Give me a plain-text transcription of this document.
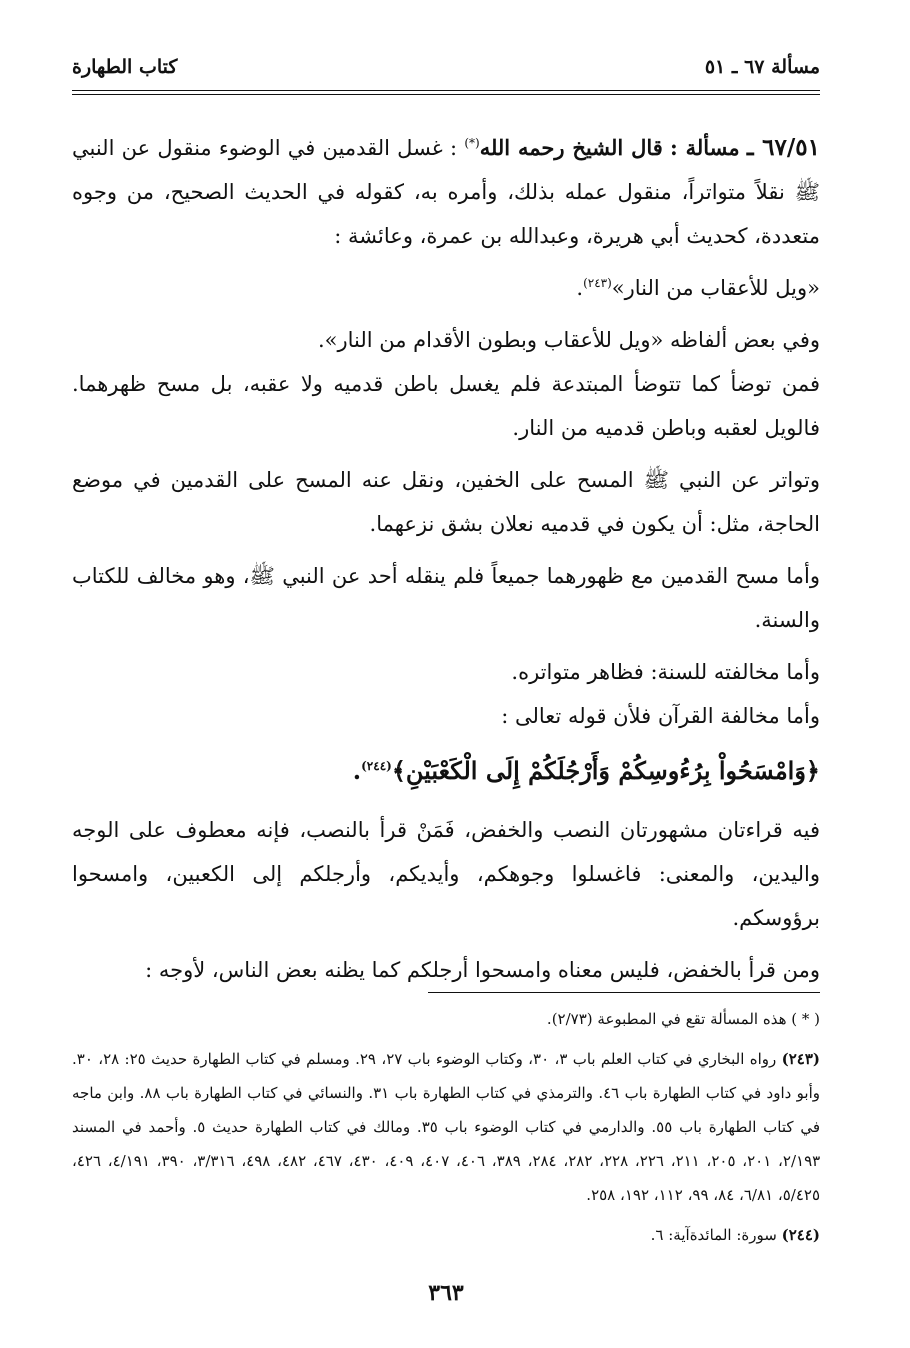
مسألة ٦٧ ـ ٥١
كتاب الطهارة

٦٧/٥١ ـ مسألة : قال الشيخ رحمه الله(*) : غسل القدمين في الوضوء منقول عن النبي ﷺ نقلاً متواتراً، منقول عمله بذلك، وأمره به، كقوله في الحديث الصحيح، من وجوه متعددة، كحديث أبي هريرة، وعبدالله بن عمرة، وعائشة :

«ويل للأعقاب من النار»$^{(٢٤٣)}$.

وفي بعض ألفاظه «ويل للأعقاب وبطون الأقدام من النار».

فمن توضأ كما تتوضأ المبتدعة فلم يغسل باطن قدميه ولا عقبه، بل مسح ظهرهما. فالويل لعقبه وباطن قدميه من النار.

وتواتر عن النبي ﷺ المسح على الخفين، ونقل عنه المسح على القدمين في موضع الحاجة، مثل: أن يكون في قدميه نعلان بشق نزعهما.

وأما مسح القدمين مع ظهورهما جميعاً فلم ينقله أحد عن النبي ﷺ، وهو مخالف للكتاب والسنة.

وأما مخالفته للسنة: فظاهر متواتره.

وأما مخالفة القرآن فلأن قوله تعالى :

﴿وَامْسَحُواْ بِرُءُوسِكُمْ وَأَرْجُلَكُمْ إِلَى الْكَعْبَيْنِ﴾$^{(٢٤٤)}$.

فيه قراءتان مشهورتان النصب والخفض، فَمَنْ قرأ بالنصب، فإنه معطوف على الوجه واليدين، والمعنى: فاغسلوا وجوهكم، وأيديكم، وأرجلكم إلى الكعبين، وامسحوا برؤوسكم.

ومن قرأ بالخفض، فليس معناه وامسحوا أرجلكم كما يظنه بعض الناس، لأوجه :

( * ) هذه المسألة تقع في المطبوعة (٢/٧٣).

(٢٤٣) رواه البخاري في كتاب العلم باب ٣، ٣٠، وكتاب الوضوء باب ٢٧، ٢٩. ومسلم في كتاب الطهارة حديث ٢٥: ٢٨، ٣٠. وأبو داود في كتاب الطهارة باب ٤٦. والترمذي في كتاب الطهارة باب ٣١. والنسائي في كتاب الطهارة باب ٨٨. وابن ماجه في كتاب الطهارة باب ٥٥. والدارمي في كتاب الوضوء باب ٣٥. ومالك في كتاب الطهارة حديث ٥. وأحمد في المسند ٢/١٩٣، ٢٠١، ٢٠٥، ٢١١، ٢٢٦، ٢٢٨، ٢٨٢، ٢٨٤، ٣٨٩، ٤٠٦، ٤٠٧، ٤٠٩، ٤٣٠، ٤٦٧، ٤٨٢، ٤٩٨، ٣/٣١٦، ٣٩٠، ٤/١٩١، ٤٢٦، ٥/٤٢٥، ٦/٨١، ٨٤، ٩٩، ١١٢، ١٩٢، ٢٥٨.

(٢٤٤) سورة: المائدةآية: ٦.

٣٦٣
